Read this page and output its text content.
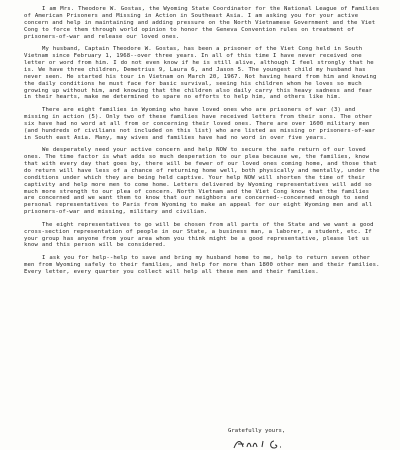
I am Mrs. Theodore W. Gostas, the Wyoming State Coordinator for the National League of Families of American Prisoners and Missing in Action in Southeast Asia. I am asking you for your active concern and help in maintaining and adding pressure on the North Vietnamese Government and the Viet Cong to force them through world opinion to honor the Geneva Convention rules on treatment of prisoners-of-war and release our loved ones.

My husband, Captain Theodore W. Gostas, has been a prisoner of the Viet Cong held in South Vietnam since February 1, 1968--over three years. In all of this time I have never received one letter or word from him. I do not even know if he is still alive, although I feel strongly that he is. We have three children, Demetrius 9, Laura 6, and Jason 5. The youngest child my husband has never seen. He started his tour in Vietnam on March 20, 1967. Not having heard from him and knowing the daily conditions he must face for basic survival, seeing his children whom he loves so much growing up without him, and knowing that the children also daily carry this heavy sadness and fear in their hearts, make me determined to spare no efforts to help him, and others like him.

There are eight families in Wyoming who have loved ones who are prisoners of war (3) and missing in action (5). Only two of these families have received letters from their sons. The other six have had no word at all from or concerning their loved ones. There are over 1600 military men (and hundreds of civilians not included on this list) who are listed as missing or prisoners-of-war in South east Asia. Many, may wives and families have had no word in over five years.

We desperately need your active concern and help NOW to secure the safe return of our loved ones. The time factor is what adds so much desperation to our plea because we, the families, know that with every day that goes by, there will be fewer of our loved ones coming home, and those that do return will have less of a chance of returning home well, both physically and mentally, under the conditions under which they are being held captive. Your help NOW will shorten the time of their captivity and help more men to come home. Letters delivered by Wyoming representatives will add so much more strength to our plea of concern. North Vietnam and the Viet Cong know that the families are concerned and we want them to know that our neighbors are concerned--concerned enough to send personal representatives to Paris from Wyoming to make an appeal for our eight Wyoming men and all prisoners-of-war and missing, military and civilian.

The eight representatives to go will be chosen from all parts of the State and we want a good cross-section representation of people in our State, a business man, a laborer, a student, etc. If your group has anyone from your area whom you think might be a good representative, please let us know and this person will be considered.

I ask you for help--help to save and bring my husband home to me, help to return seven other men from Wyoming safely to their families, and help for more than 1800 other men and their families. Every letter, every quarter you collect will help all these men and their families.

Gratefully yours,
